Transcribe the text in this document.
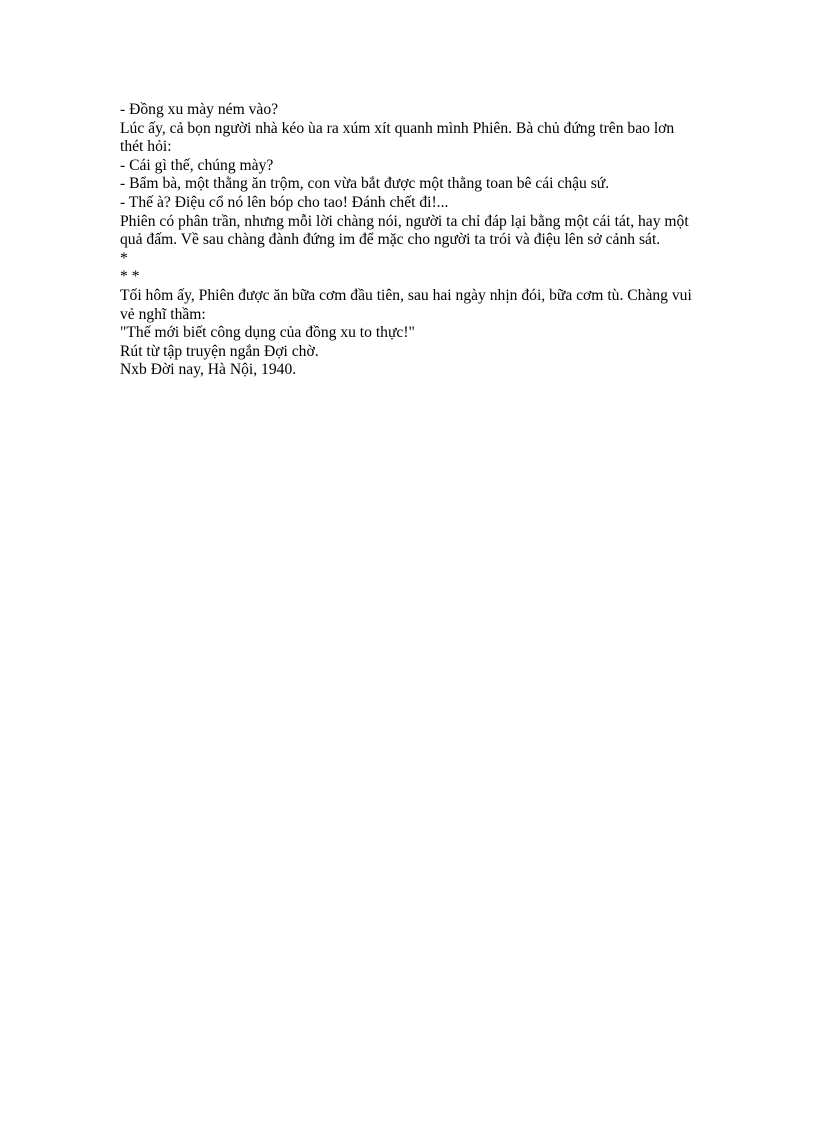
- Đồng xu mày ném vào?

Lúc ấy, cả bọn người nhà kéo ùa ra xúm xít quanh mình Phiên. Bà chủ đứng trên bao lơn thét hỏi:

- Cái gì thế, chúng mày?

- Bẩm bà, một thằng ăn trộm, con vừa bắt được một thằng toan bê cái chậu sứ.

- Thế à? Điệu cổ nó lên bóp cho tao! Đánh chết đi!...

Phiên có phân trần, nhưng mỗi lời chàng nói, người ta chỉ đáp lại bằng một cái tát, hay một quả đấm. Về sau chàng đành đứng im để mặc cho người ta trói và điệu lên sở cảnh sát.

*

* *

Tối hôm ấy, Phiên được ăn bữa cơm đầu tiên, sau hai ngày nhịn đói, bữa cơm tù. Chàng vui vẻ nghĩ thầm:

"Thế mới biết công dụng của đồng xu to thực!"

Rút từ tập truyện ngắn Đợi chờ.

Nxb Đời nay, Hà Nội, 1940.
